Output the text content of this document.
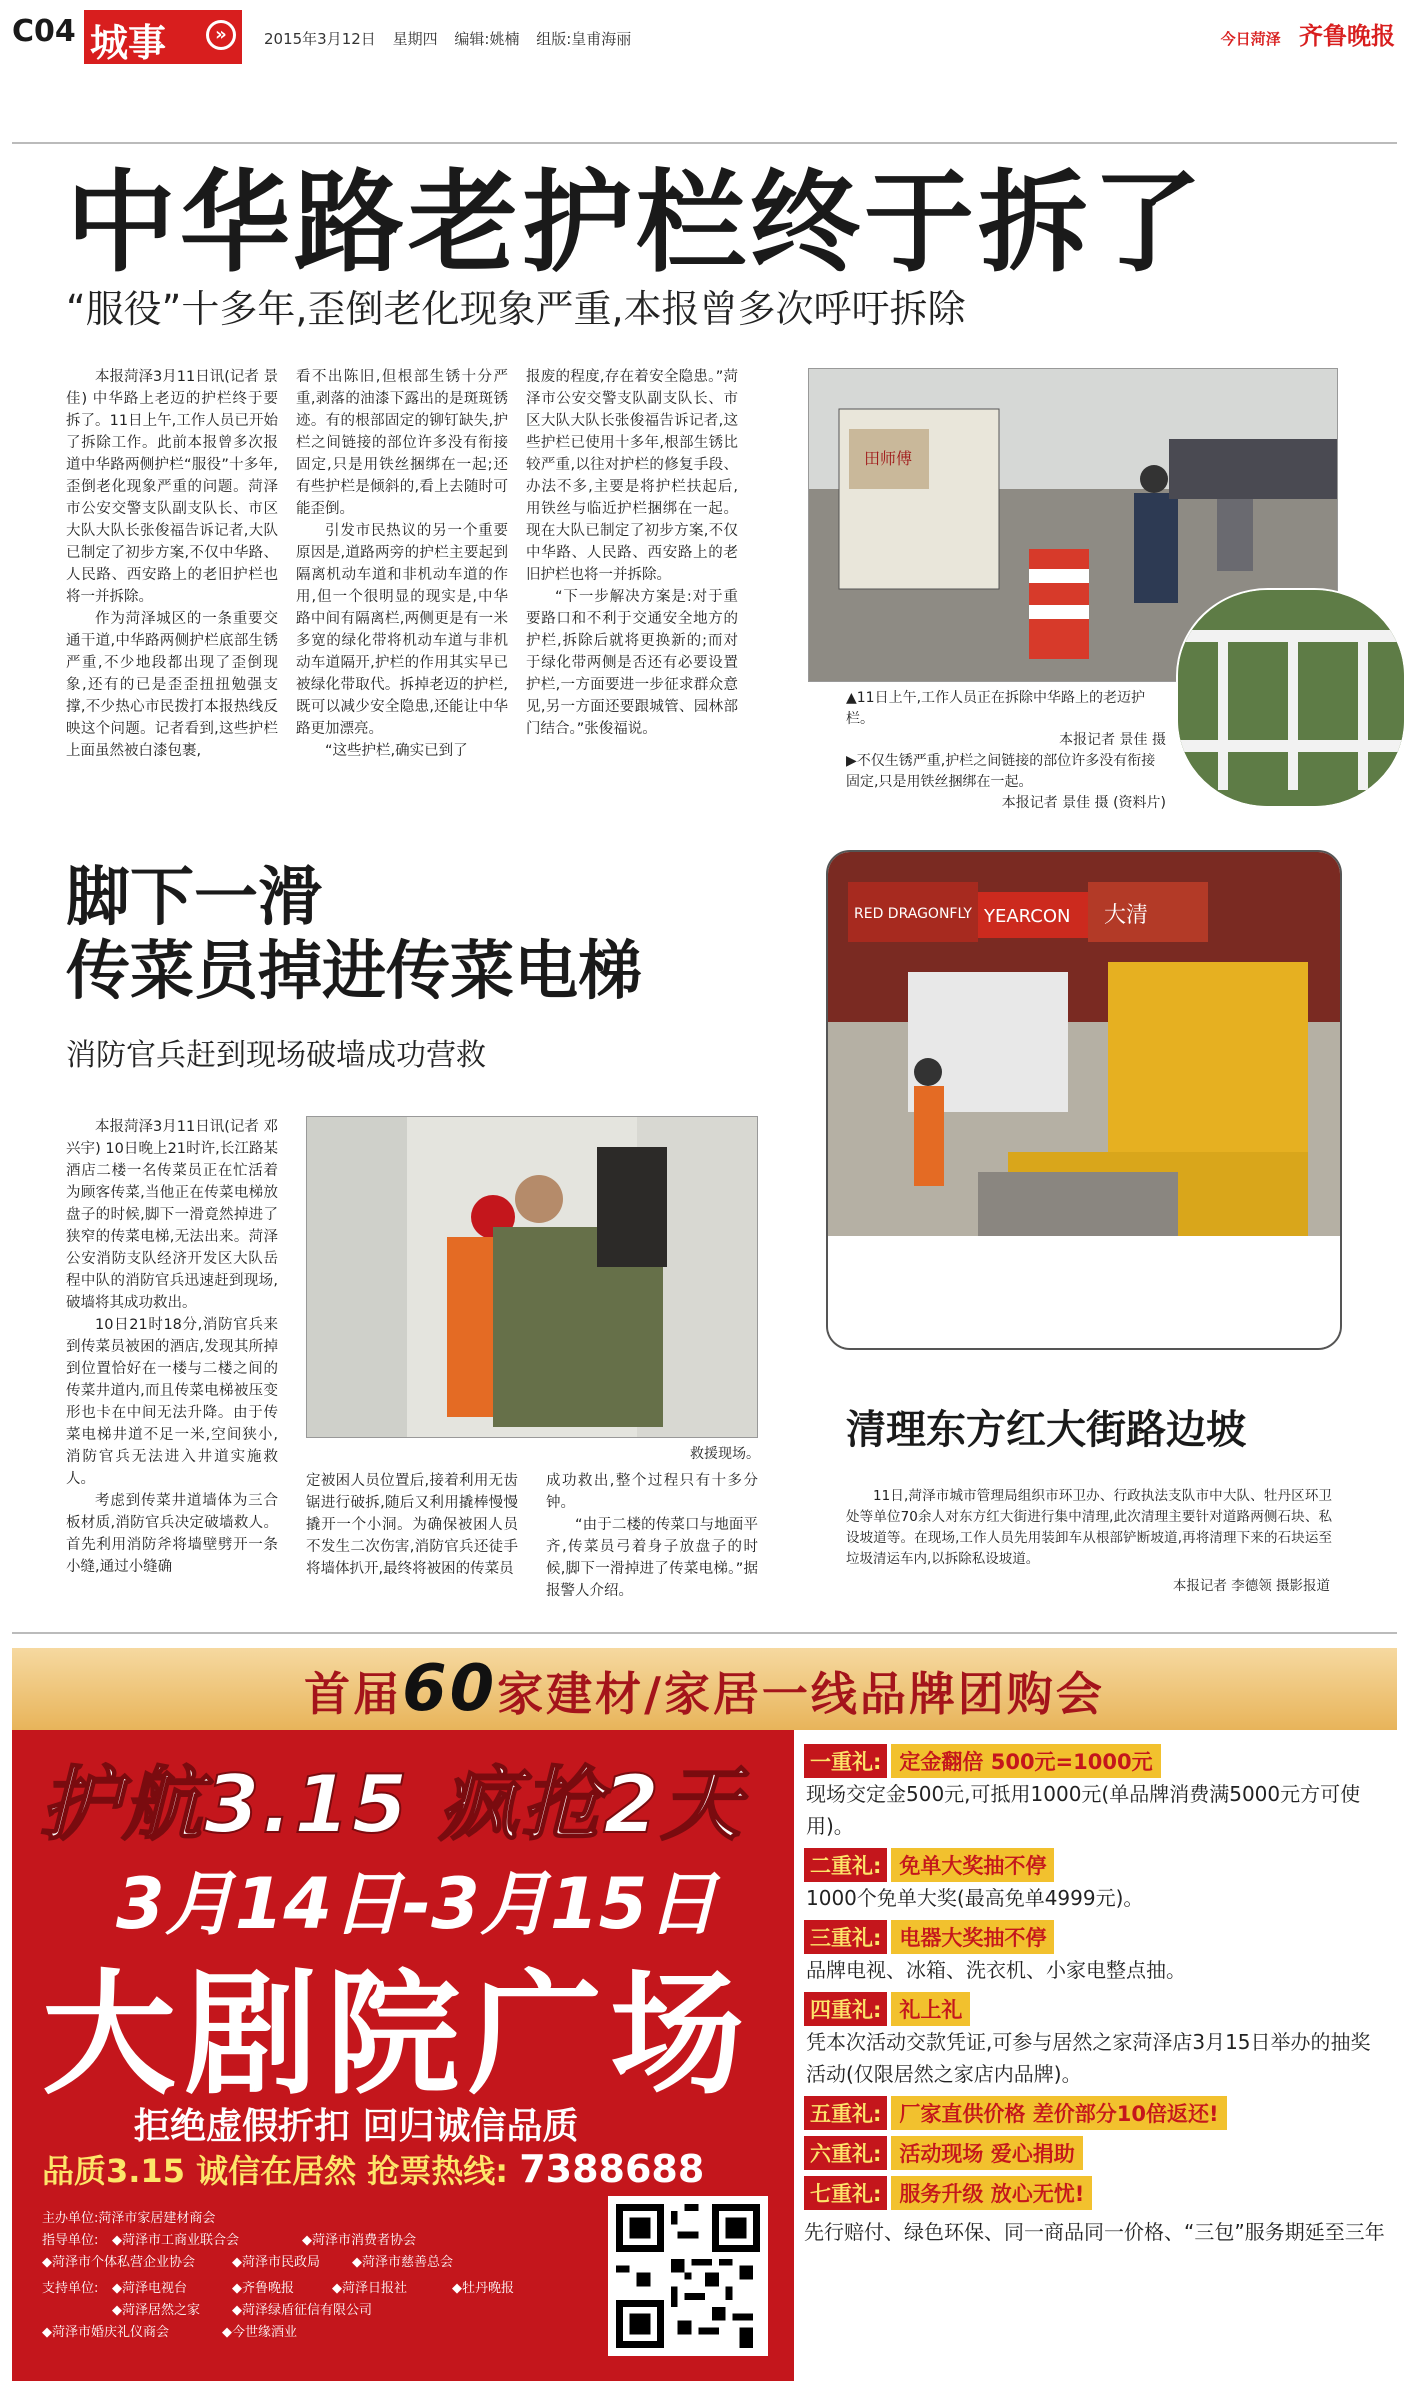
C04 城事	»	2015年3月12日 星期四 编辑:姚楠 组版:皇甫海丽	今日菏泽 齐鲁晚报
中华路老护栏终于拆了
“服役”十多年,歪倒老化现象严重,本报曾多次呼吁拆除

本报菏泽3月11日讯(记者 景佳) 中华路上老迈的护栏终于要拆了。11日上午,工作人员已开始了拆除工作。此前本报曾多次报道中华路两侧护栏“服役”十多年,歪倒老化现象严重的问题。菏泽市公安交警支队副支队长、市区大队大队长张俊福告诉记者,大队已制定了初步方案,不仅中华路、人民路、西安路上的老旧护栏也将一并拆除。

作为菏泽城区的一条重要交通干道,中华路两侧护栏底部生锈严重,不少地段都出现了歪倒现象,还有的已是歪歪扭扭勉强支撑,不少热心市民拨打本报热线反映这个问题。记者看到,这些护栏上面虽然被白漆包裹,

看不出陈旧,但根部生锈十分严重,剥落的油漆下露出的是斑斑锈迹。有的根部固定的铆钉缺失,护栏之间链接的部位许多没有衔接固定,只是用铁丝捆绑在一起;还有些护栏是倾斜的,看上去随时可能歪倒。

引发市民热议的另一个重要原因是,道路两旁的护栏主要起到隔离机动车道和非机动车道的作用,但一个很明显的现实是,中华路中间有隔离栏,两侧更是有一米多宽的绿化带将机动车道与非机动车道隔开,护栏的作用其实早已被绿化带取代。拆掉老迈的护栏,既可以减少安全隐患,还能让中华路更加漂亮。

“这些护栏,确实已到了

报废的程度,存在着安全隐患。”菏泽市公安交警支队副支队长、市区大队大队长张俊福告诉记者,这些护栏已使用十多年,根部生锈比较严重,以往对护栏的修复手段、办法不多,主要是将护栏扶起后,用铁丝与临近护栏捆绑在一起。现在大队已制定了初步方案,不仅中华路、人民路、西安路上的老旧护栏也将一并拆除。

“下一步解决方案是:对于重要路口和不利于交通安全地方的护栏,拆除后就将更换新的;而对于绿化带两侧是否还有必要设置护栏,一方面要进一步征求群众意见,另一方面还要跟城管、园林部门结合。”张俊福说。

田师傅
▲11日上午,工作人员正在拆除中华路上的老迈护栏。
本报记者 景佳 摄
▶不仅生锈严重,护栏之间链接的部位许多没有衔接固定,只是用铁丝捆绑在一起。
本报记者 景佳 摄 (资料片)
脚下一滑
传菜员掉进传菜电梯
消防官兵赶到现场破墙成功营救

本报菏泽3月11日讯(记者 邓兴宇) 10日晚上21时许,长江路某酒店二楼一名传菜员正在忙活着为顾客传菜,当他正在传菜电梯放盘子的时候,脚下一滑竟然掉进了狭窄的传菜电梯,无法出来。菏泽公安消防支队经济开发区大队岳程中队的消防官兵迅速赶到现场,破墙将其成功救出。

10日21时18分,消防官兵来到传菜员被困的酒店,发现其所掉到位置恰好在一楼与二楼之间的传菜井道内,而且传菜电梯被压变形也卡在中间无法升降。由于传菜电梯井道不足一米,空间狭小,消防官兵无法进入井道实施救人。

考虑到传菜井道墙体为三合板材质,消防官兵决定破墙救人。首先利用消防斧将墙壁劈开一条小缝,通过小缝确

救援现场。

定被困人员位置后,接着利用无齿锯进行破拆,随后又利用撬棒慢慢撬开一个小洞。为确保被困人员不发生二次伤害,消防官兵还徒手将墙体扒开,最终将被困的传菜员

成功救出,整个过程只有十多分钟。

“由于二楼的传菜口与地面平齐,传菜员弓着身子放盘子的时候,脚下一滑掉进了传菜电梯。”据报警人介绍。

RED DRAGONFLY YEARCON 大清
清理东方红大街路边坡
11日,菏泽市城市管理局组织市环卫办、行政执法支队市中大队、牡丹区环卫处等单位70余人对东方红大街进行集中清理,此次清理主要针对道路两侧石块、私设坡道等。在现场,工作人员先用装卸车从根部铲断坡道,再将清理下来的石块运至垃圾清运车内,以拆除私设坡道。
本报记者 李德领 摄影报道
首届60家建材/家居一线品牌团购会
护航3.15 疯抢2天
3月14日-3月15日
大剧院广场
拒绝虚假折扣 回归诚信品质
品质3.15 诚信在居然 抢票热线: 7388688
主办单位:菏泽市家居建材商会
指导单位:	◆菏泽市工商业联合会	◆菏泽市消费者协会
◆菏泽市个体私营企业协会	◆菏泽市民政局	◆菏泽市慈善总会
支持单位:	◆菏泽电视台	◆齐鲁晚报	◆菏泽日报社	◆牡丹晚报
◆菏泽居然之家	◆菏泽绿盾征信有限公司
◆菏泽市婚庆礼仪商会	◆今世缘酒业
一重礼: 定金翻倍 500元=1000元
现场交定金500元,可抵用1000元(单品牌消费满5000元方可使用)。
二重礼: 免单大奖抽不停
1000个免单大奖(最高免单4999元)。
三重礼: 电器大奖抽不停
品牌电视、冰箱、洗衣机、小家电整点抽。
四重礼: 礼上礼
凭本次活动交款凭证,可参与居然之家菏泽店3月15日举办的抽奖活动(仅限居然之家店内品牌)。
五重礼: 厂家直供价格 差价部分10倍返还!
六重礼: 活动现场 爱心捐助
七重礼: 服务升级 放心无忧!
先行赔付、绿色环保、同一商品同一价格、“三包”服务期延至三年
